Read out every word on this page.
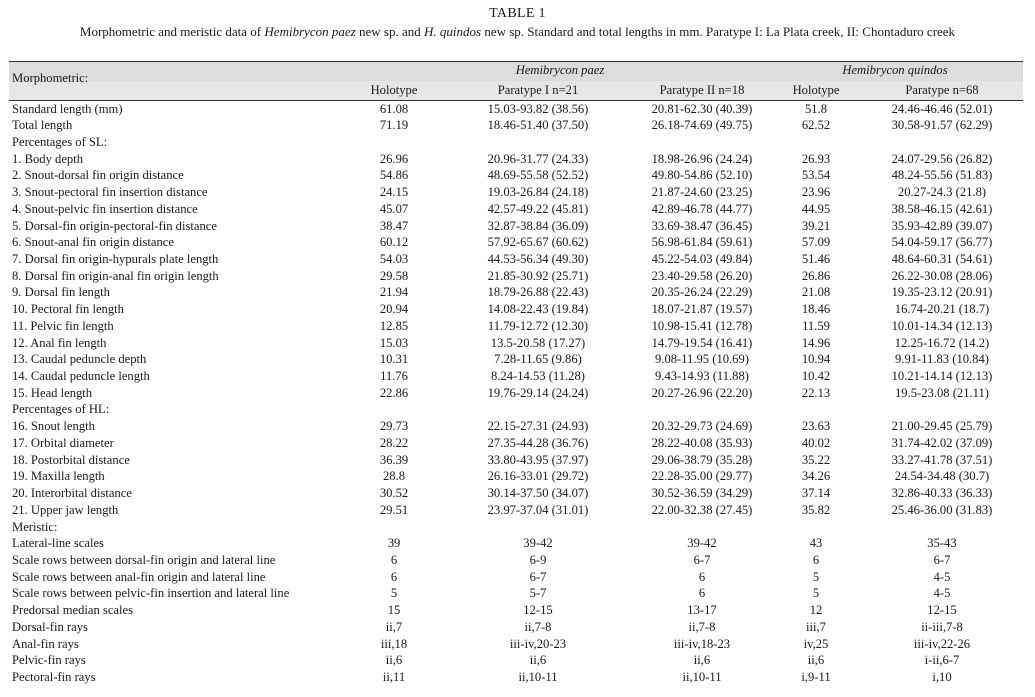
TABLE 1
Morphometric and meristic data of Hemibrycon paez new sp. and H. quindos new sp. Standard and total lengths in mm. Paratype I: La Plata creek, II: Chontaduro creek
Morphometric:
Hemibrycon paez	Hemibrycon quindos
Holotype	Paratype I n=21	Paratype II n=18	Holotype	Paratype n=68
Standard length (mm)	61.08	15.03-93.82 (38.56)	20.81-62.30 (40.39)	51.8	24.46-46.46 (52.01)
Total length	71.19	18.46-51.40 (37.50)	26.18-74.69 (49.75)	62.52	30.58-91.57 (62.29)
Percentages of SL:
1. Body depth	26.96	20.96-31.77 (24.33)	18.98-26.96 (24.24)	26.93	24.07-29.56 (26.82)
2. Snout-dorsal fin origin distance	54.86	48.69-55.58 (52.52)	49.80-54.86 (52.10)	53.54	48.24-55.56 (51.83)
3. Snout-pectoral fin insertion distance	24.15	19.03-26.84 (24.18)	21.87-24.60 (23.25)	23.96	20.27-24.3 (21.8)
4. Snout-pelvic fin insertion distance	45.07	42.57-49.22 (45.81)	42.89-46.78 (44.77)	44.95	38.58-46.15 (42.61)
5. Dorsal-fin origin-pectoral-fin distance	38.47	32.87-38.84 (36.09)	33.69-38.47 (36.45)	39.21	35.93-42.89 (39.07)
6. Snout-anal fin origin distance	60.12	57.92-65.67 (60.62)	56.98-61.84 (59.61)	57.09	54.04-59.17 (56.77)
7. Dorsal fin origin-hypurals plate length	54.03	44.53-56.34 (49.30)	45.22-54.03 (49.84)	51.46	48.64-60.31 (54.61)
8. Dorsal fin origin-anal fin origin length	29.58	21.85-30.92 (25.71)	23.40-29.58 (26.20)	26.86	26.22-30.08 (28.06)
9. Dorsal fin length	21.94	18.79-26.88 (22.43)	20.35-26.24 (22.29)	21.08	19.35-23.12 (20.91)
10. Pectoral fin length	20.94	14.08-22.43 (19.84)	18.07-21.87 (19.57)	18.46	16.74-20.21 (18.7)
11. Pelvic fin length	12.85	11.79-12.72 (12.30)	10.98-15.41 (12.78)	11.59	10.01-14.34 (12.13)
12. Anal fin length	15.03	13.5-20.58 (17.27)	14.79-19.54 (16.41)	14.96	12.25-16.72 (14.2)
13. Caudal peduncle depth	10.31	7.28-11.65 (9.86)	9.08-11.95 (10.69)	10.94	9.91-11.83 (10.84)
14. Caudal peduncle length	11.76	8.24-14.53 (11.28)	9.43-14.93 (11.88)	10.42	10.21-14.14 (12.13)
15. Head length	22.86	19.76-29.14 (24.24)	20.27-26.96 (22.20)	22.13	19.5-23.08 (21.11)
Percentages of HL:
16. Snout length	29.73	22.15-27.31 (24.93)	20.32-29.73 (24.69)	23.63	21.00-29.45 (25.79)
17. Orbital diameter	28.22	27.35-44.28 (36.76)	28.22-40.08 (35.93)	40.02	31.74-42.02 (37.09)
18. Postorbital distance	36.39	33.80-43.95 (37.97)	29.06-38.79 (35.28)	35.22	33.27-41.78 (37.51)
19. Maxilla length	28.8	26.16-33.01 (29.72)	22.28-35.00 (29.77)	34.26	24.54-34.48 (30.7)
20. Interorbital distance	30.52	30.14-37.50 (34.07)	30.52-36.59 (34.29)	37.14	32.86-40.33 (36.33)
21. Upper jaw length	29.51	23.97-37.04 (31.01)	22.00-32.38 (27.45)	35.82	25.46-36.00 (31.83)
Meristic:
Lateral-line scales	39	39-42	39-42	43	35-43
Scale rows between dorsal-fin origin and lateral line	6	6-9	6-7	6	6-7
Scale rows between anal-fin origin and lateral line	6	6-7	6	5	4-5
Scale rows between pelvic-fin insertion and lateral line	5	5-7	6	5	4-5
Predorsal median scales	15	12-15	13-17	12	12-15
Dorsal-fin rays	ii,7	ii,7-8	ii,7-8	iii,7	ii-iii,7-8
Anal-fin rays	iii,18	iii-iv,20-23	iii-iv,18-23	iv,25	iii-iv,22-26
Pelvic-fin rays	ii,6	ii,6	ii,6	ii,6	i-ii,6-7
Pectoral-fin rays	ii,11	ii,10-11	ii,10-11	i,9-11	i,10
